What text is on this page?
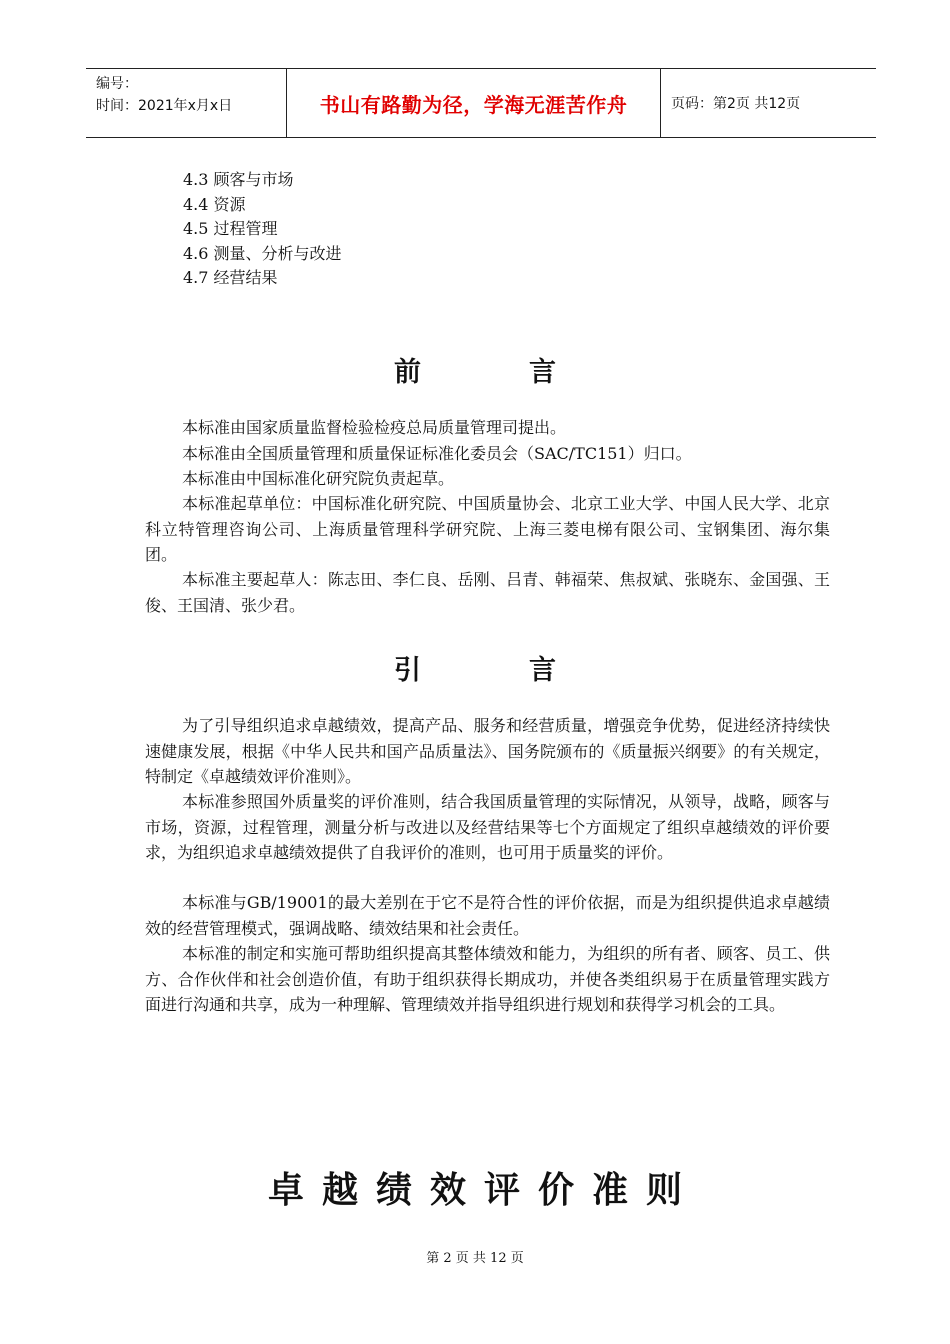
编号：
时间：2021年x月x日	书山有路勤为径，学海无涯苦作舟	页码：第2页 共12页
4.3 顾客与市场
4.4 资源
4.5 过程管理
4.6 测量、分析与改进
4.7 经营结果
前　　　　言

本标准由国家质量监督检验检疫总局质量管理司提出。

本标准由全国质量管理和质量保证标准化委员会（SAC/TC151）归口。

本标准由中国标准化研究院负责起草。

本标准起草单位：中国标准化研究院、中国质量协会、北京工业大学、中国人民大学、北京科立特管理咨询公司、上海质量管理科学研究院、上海三菱电梯有限公司、宝钢集团、海尔集团。

本标准主要起草人：陈志田、李仁良、岳刚、吕青、韩福荣、焦叔斌、张晓东、金国强、王俊、王国清、张少君。

引　　　　言

为了引导组织追求卓越绩效，提高产品、服务和经营质量，增强竞争优势，促进经济持续快速健康发展，根据《中华人民共和国产品质量法》、国务院颁布的《质量振兴纲要》的有关规定，特制定《卓越绩效评价准则》。

本标准参照国外质量奖的评价准则，结合我国质量管理的实际情况，从领导，战略，顾客与市场，资源，过程管理，测量分析与改进以及经营结果等七个方面规定了组织卓越绩效的评价要求，为组织追求卓越绩效提供了自我评价的准则，也可用于质量奖的评价。

本标准与GB/19001的最大差别在于它不是符合性的评价依据，而是为组织提供追求卓越绩效的经营管理模式，强调战略、绩效结果和社会责任。

本标准的制定和实施可帮助组织提高其整体绩效和能力，为组织的所有者、顾客、员工、供方、合作伙伴和社会创造价值，有助于组织获得长期成功，并使各类组织易于在质量管理实践方面进行沟通和共享，成为一种理解、管理绩效并指导组织进行规划和获得学习机会的工具。

卓越绩效评价准则
第 2 页 共 12 页
